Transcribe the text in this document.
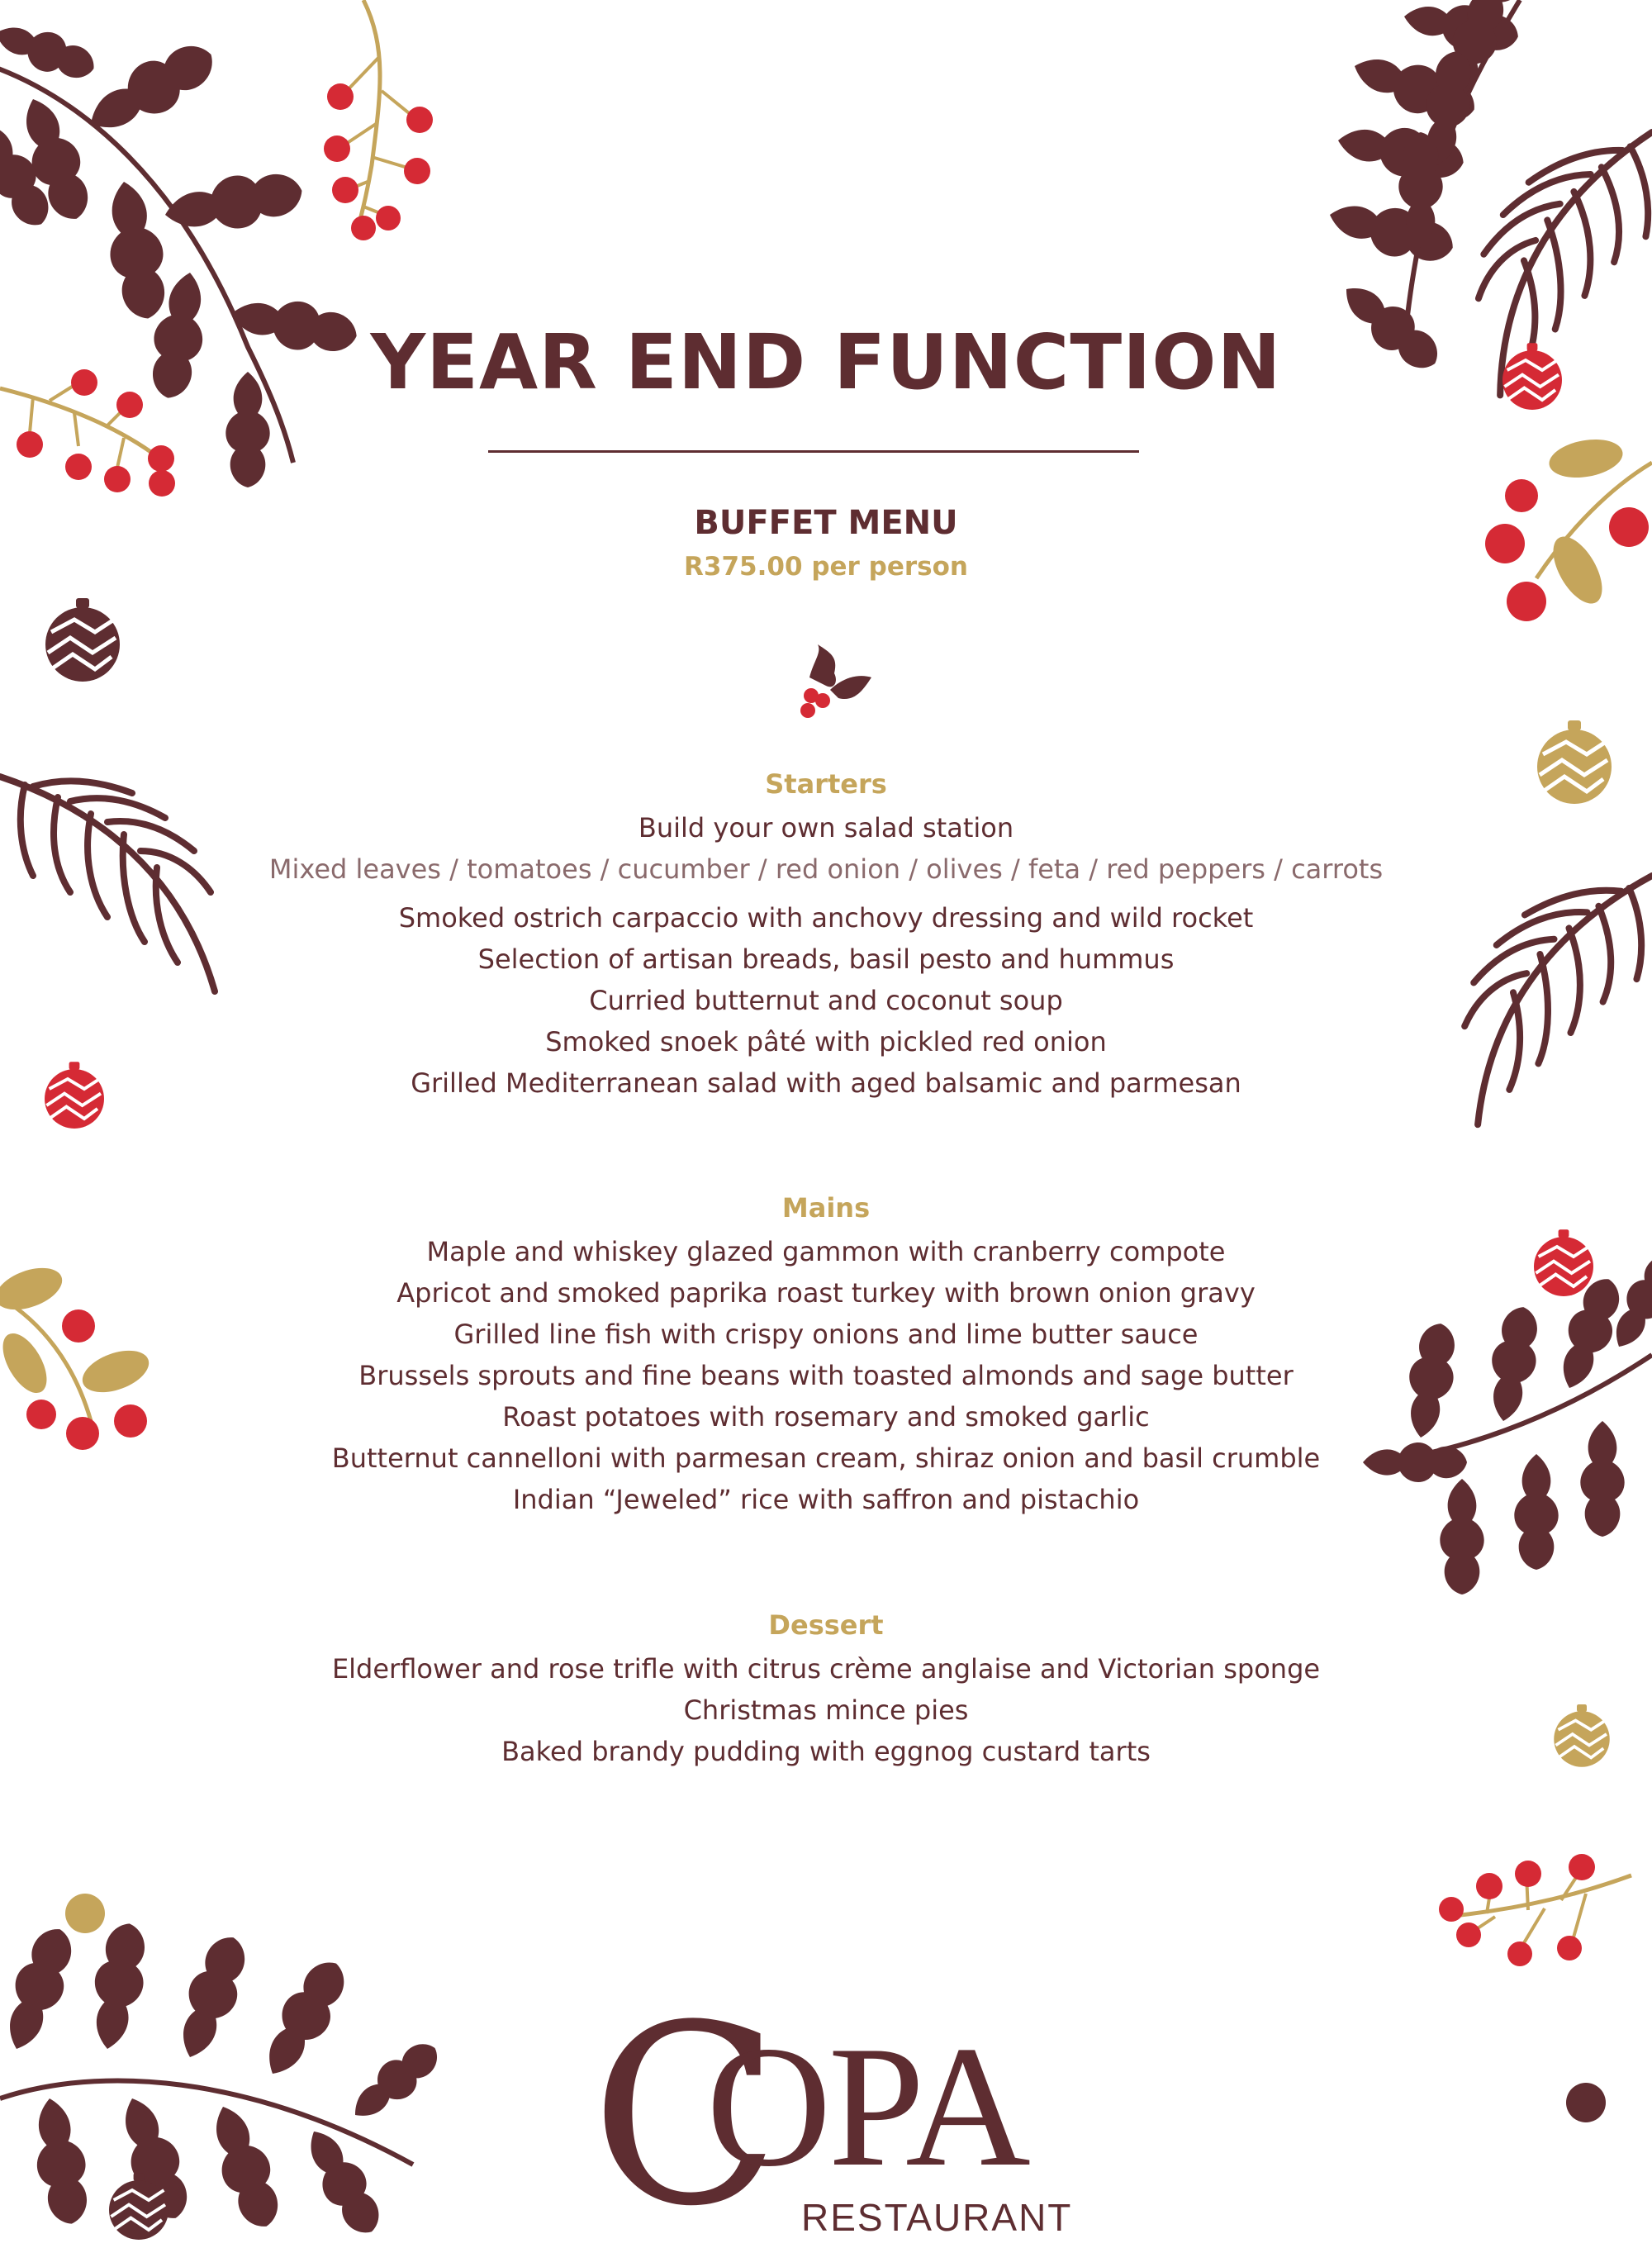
YEAR END FUNCTION
BUFFET MENU
R375.00 per person
Starters
Build your own salad station
Mixed leaves / tomatoes / cucumber / red onion / olives / feta / red peppers / carrots
Smoked ostrich carpaccio with anchovy dressing and wild rocket
Selection of artisan breads, basil pesto and hummus
Curried butternut and coconut soup
Smoked snoek pâté with pickled red onion
Grilled Mediterranean salad with aged balsamic and parmesan
Mains
Maple and whiskey glazed gammon with cranberry compote
Apricot and smoked paprika roast turkey with brown onion gravy
Grilled line fish with crispy onions and lime butter sauce
Brussels sprouts and fine beans with toasted almonds and sage butter
Roast potatoes with rosemary and smoked garlic
Butternut cannelloni with parmesan cream, shiraz onion and basil crumble
Indian “Jeweled” rice with saffron and pistachio
Dessert
Elderflower and rose trifle with citrus crème anglaise and Victorian sponge
Christmas mince pies
Baked brandy pudding with eggnog custard tarts
C
OPA
RESTAURANT
